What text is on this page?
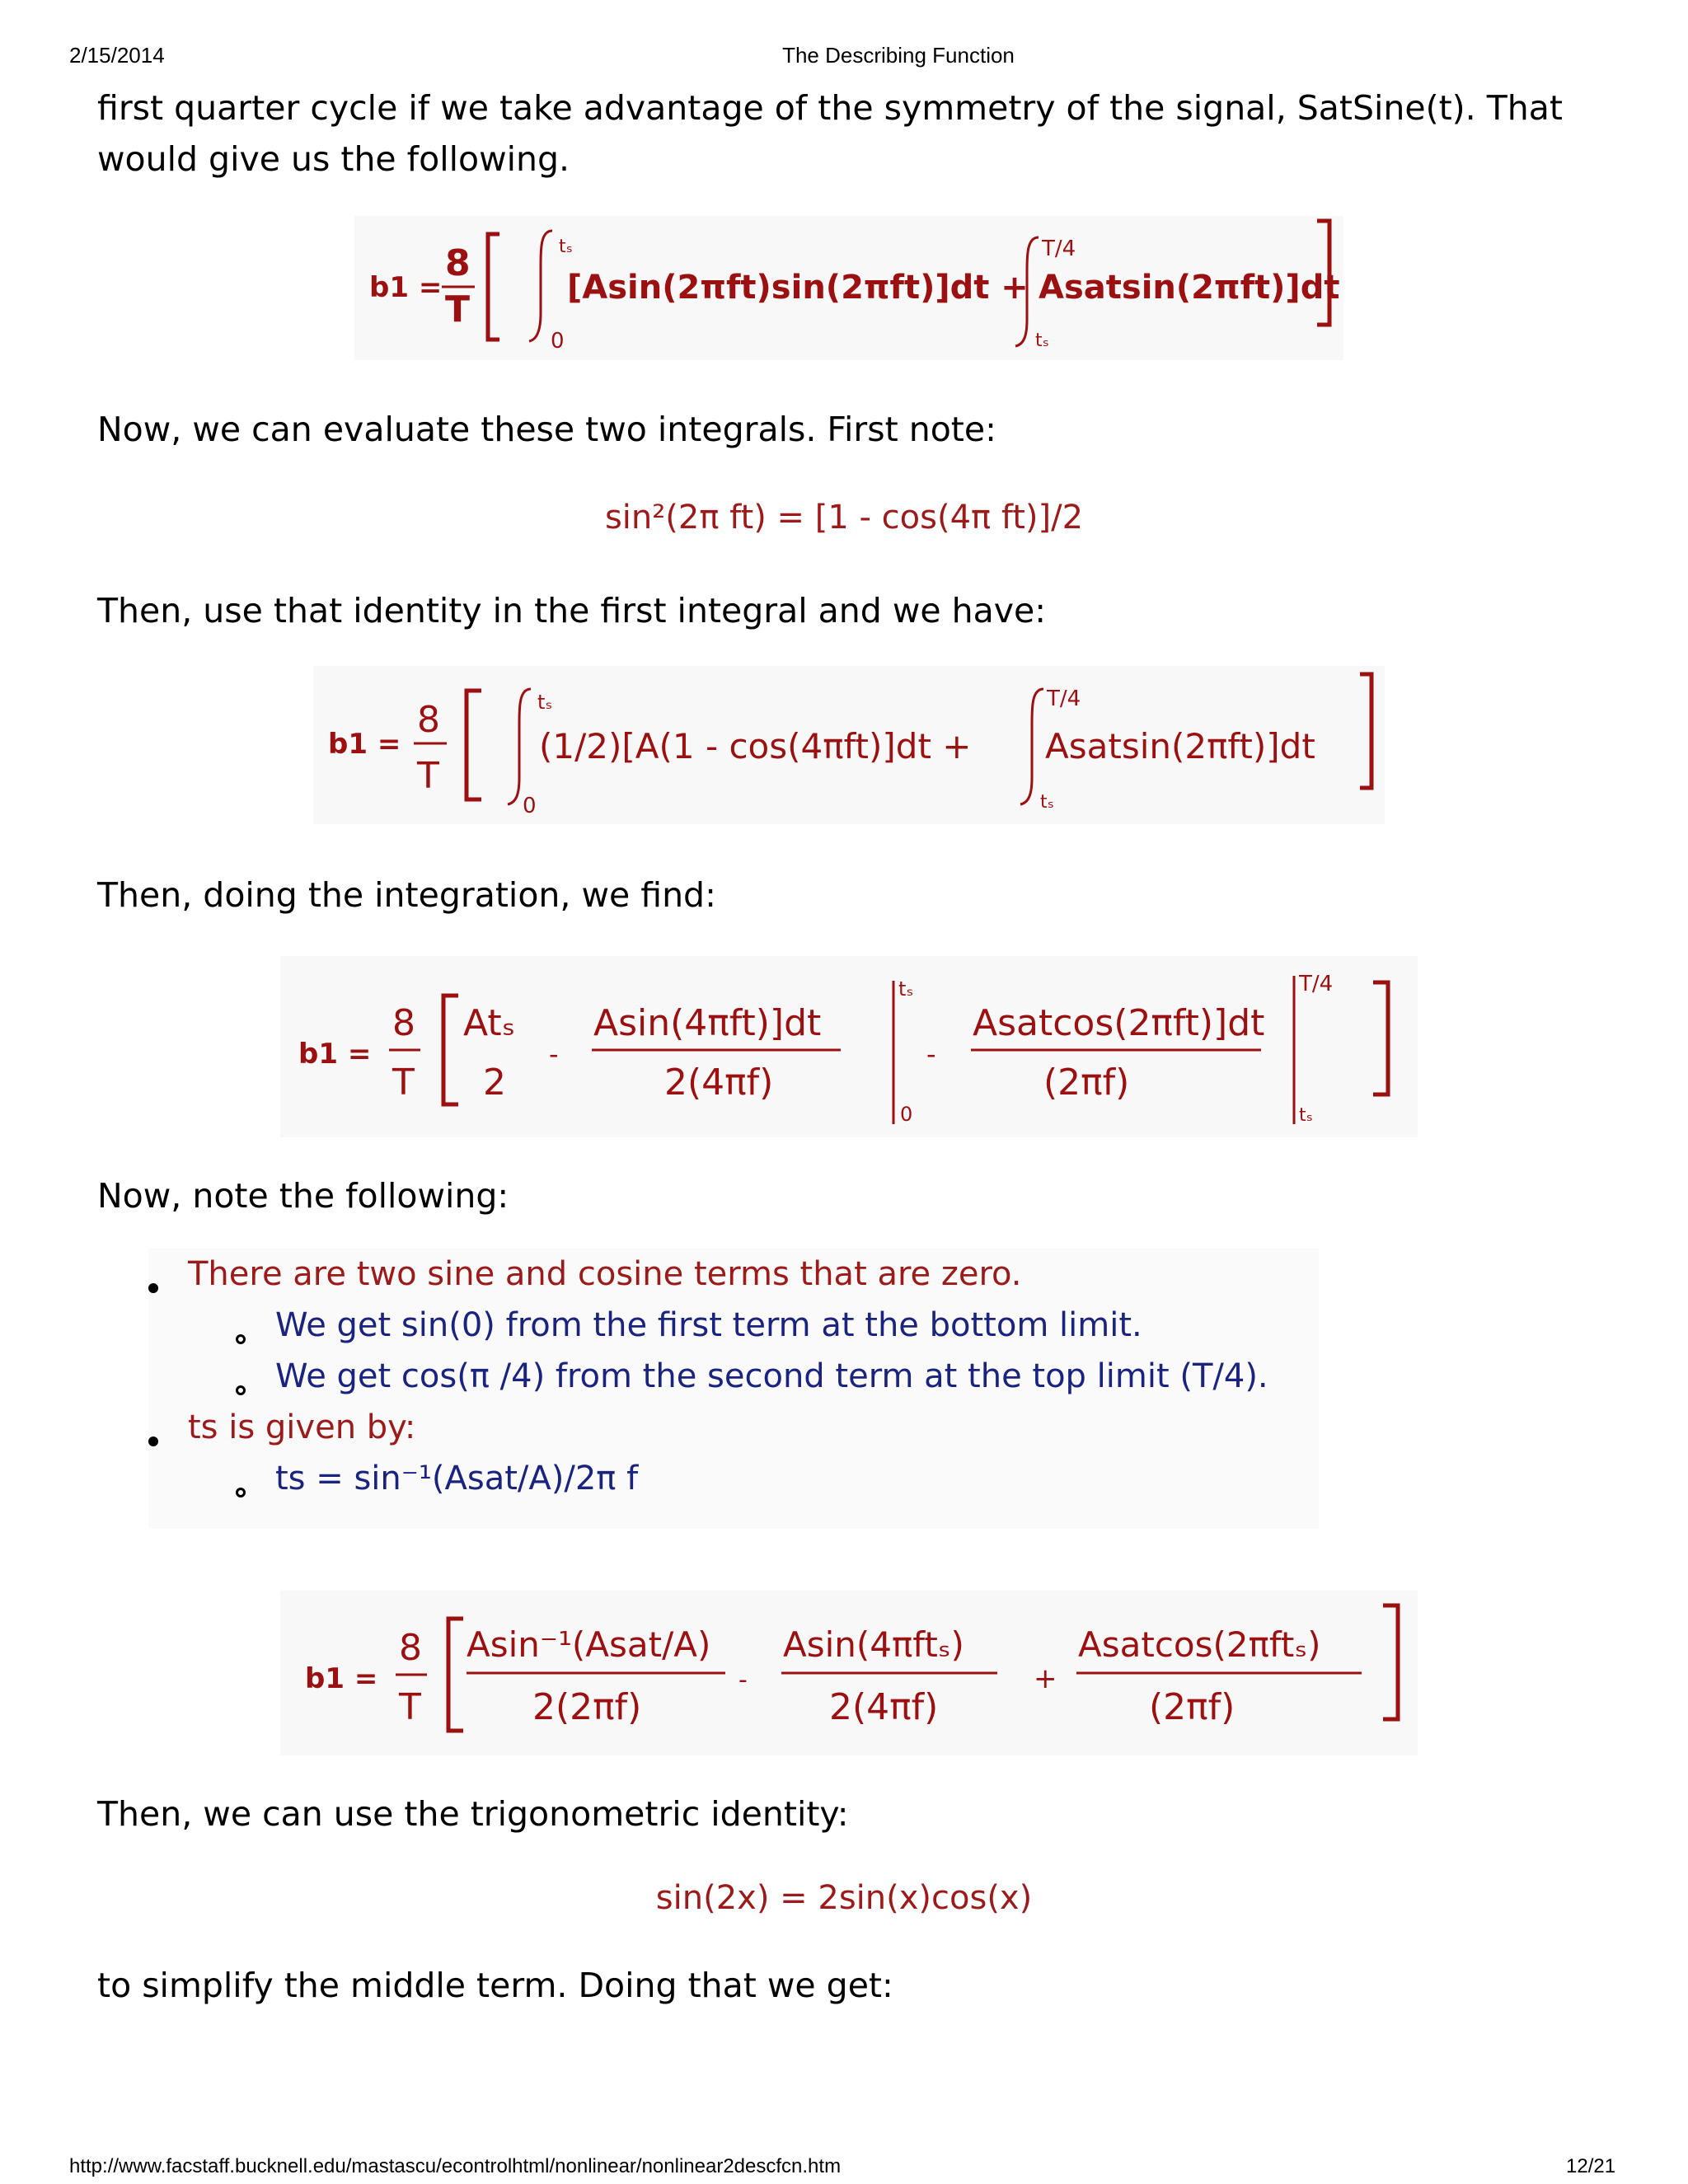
2/15/2014	The Describing Function
http://www.facstaff.bucknell.edu/mastascu/econtrolhtml/nonlinear/nonlinear2descfcn.htm	12/21
first quarter cycle if we take advantage of the symmetry of the signal, SatSine(t). That
would give us the following.
b1 =
8
T
tₛ
0
[Asin(2πft)sin(2πft)]dt +
T/4
tₛ
Asatsin(2πft)]dt
Now, we can evaluate these two integrals. First note:
sin²(2π ft) = [1 - cos(4π ft)]/2
Then, use that identity in the first integral and we have:
b1 =
8
T
tₛ
0
(1/2)[A(1 - cos(4πft)]dt +
T/4
tₛ
Asatsin(2πft)]dt
Then, doing the integration, we find:
b1 =
8
T
Atₛ
2
-
Asin(4πft)]dt
2(4πf)
tₛ
0
-
Asatcos(2πft)]dt
(2πf)
T/4
tₛ
Now, note the following:
There are two sine and cosine terms that are zero.
We get sin(0) from the first term at the bottom limit.
We get cos(π /4) from the second term at the top limit (T/4).
ts is given by:
ts = sin⁻¹(Asat/A)/2π f
b1 =
8
T
Asin⁻¹(Asat/A)
2(2πf)
-
Asin(4πftₛ)
2(4πf)
+
Asatcos(2πftₛ)
(2πf)
Then, we can use the trigonometric identity:
sin(2x) = 2sin(x)cos(x)
to simplify the middle term. Doing that we get:
